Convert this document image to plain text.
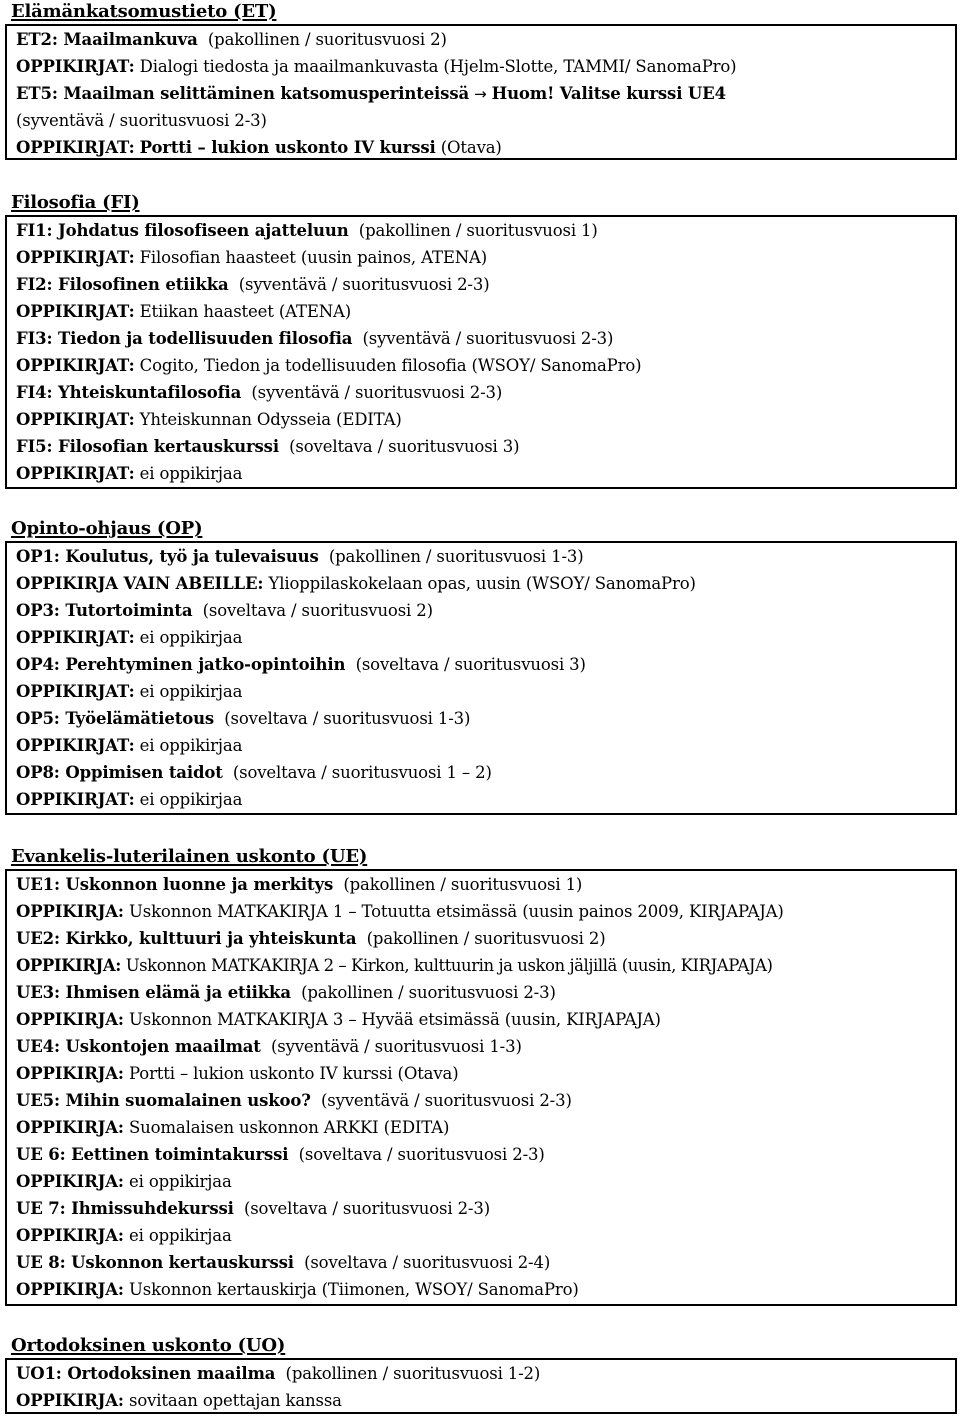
Elämänkatsomustieto (ET)
ET2: Maailmankuva (pakollinen / suoritusvuosi 2)
OPPIKIRJAT: Dialogi tiedosta ja maailmankuvasta (Hjelm-Slotte, TAMMI/ SanomaPro)
ET5: Maailman selittäminen katsomusperinteissä → Huom! Valitse kurssi UE4
(syventävä / suoritusvuosi 2-3)
OPPIKIRJAT: Portti – lukion uskonto IV kurssi (Otava)
Filosofia (FI)
FI1: Johdatus filosofiseen ajatteluun (pakollinen / suoritusvuosi 1)
OPPIKIRJAT: Filosofian haasteet (uusin painos, ATENA)
FI2: Filosofinen etiikka (syventävä / suoritusvuosi 2-3)
OPPIKIRJAT: Etiikan haasteet (ATENA)
FI3: Tiedon ja todellisuuden filosofia (syventävä / suoritusvuosi 2-3)
OPPIKIRJAT: Cogito, Tiedon ja todellisuuden filosofia (WSOY/ SanomaPro)
FI4: Yhteiskuntafilosofia (syventävä / suoritusvuosi 2-3)
OPPIKIRJAT: Yhteiskunnan Odysseia (EDITA)
FI5: Filosofian kertauskurssi (soveltava / suoritusvuosi 3)
OPPIKIRJAT: ei oppikirjaa
Opinto-ohjaus (OP)
OP1: Koulutus, työ ja tulevaisuus (pakollinen / suoritusvuosi 1-3)
OPPIKIRJA VAIN ABEILLE: Ylioppilaskokelaan opas, uusin (WSOY/ SanomaPro)
OP3: Tutortoiminta (soveltava / suoritusvuosi 2)
OPPIKIRJAT: ei oppikirjaa
OP4: Perehtyminen jatko-opintoihin (soveltava / suoritusvuosi 3)
OPPIKIRJAT: ei oppikirjaa
OP5: Työelämätietous (soveltava / suoritusvuosi 1-3)
OPPIKIRJAT: ei oppikirjaa
OP8: Oppimisen taidot (soveltava / suoritusvuosi 1 – 2)
OPPIKIRJAT: ei oppikirjaa
Evankelis-luterilainen uskonto (UE)
UE1: Uskonnon luonne ja merkitys (pakollinen / suoritusvuosi 1)
OPPIKIRJA: Uskonnon MATKAKIRJA 1 – Totuutta etsimässä (uusin painos 2009, KIRJAPAJA)
UE2: Kirkko, kulttuuri ja yhteiskunta (pakollinen / suoritusvuosi 2)
OPPIKIRJA: Uskonnon MATKAKIRJA 2 – Kirkon, kulttuurin ja uskon jäljillä (uusin, KIRJAPAJA)
UE3: Ihmisen elämä ja etiikka (pakollinen / suoritusvuosi 2-3)
OPPIKIRJA: Uskonnon MATKAKIRJA 3 – Hyvää etsimässä (uusin, KIRJAPAJA)
UE4: Uskontojen maailmat (syventävä / suoritusvuosi 1-3)
OPPIKIRJA: Portti – lukion uskonto IV kurssi (Otava)
UE5: Mihin suomalainen uskoo? (syventävä / suoritusvuosi 2-3)
OPPIKIRJA: Suomalaisen uskonnon ARKKI (EDITA)
UE 6: Eettinen toimintakurssi (soveltava / suoritusvuosi 2-3)
OPPIKIRJA: ei oppikirjaa
UE 7: Ihmissuhdekurssi (soveltava / suoritusvuosi 2-3)
OPPIKIRJA: ei oppikirjaa
UE 8: Uskonnon kertauskurssi (soveltava / suoritusvuosi 2-4)
OPPIKIRJA: Uskonnon kertauskirja (Tiimonen, WSOY/ SanomaPro)
Ortodoksinen uskonto (UO)
UO1: Ortodoksinen maailma (pakollinen / suoritusvuosi 1-2)
OPPIKIRJA: sovitaan opettajan kanssa
